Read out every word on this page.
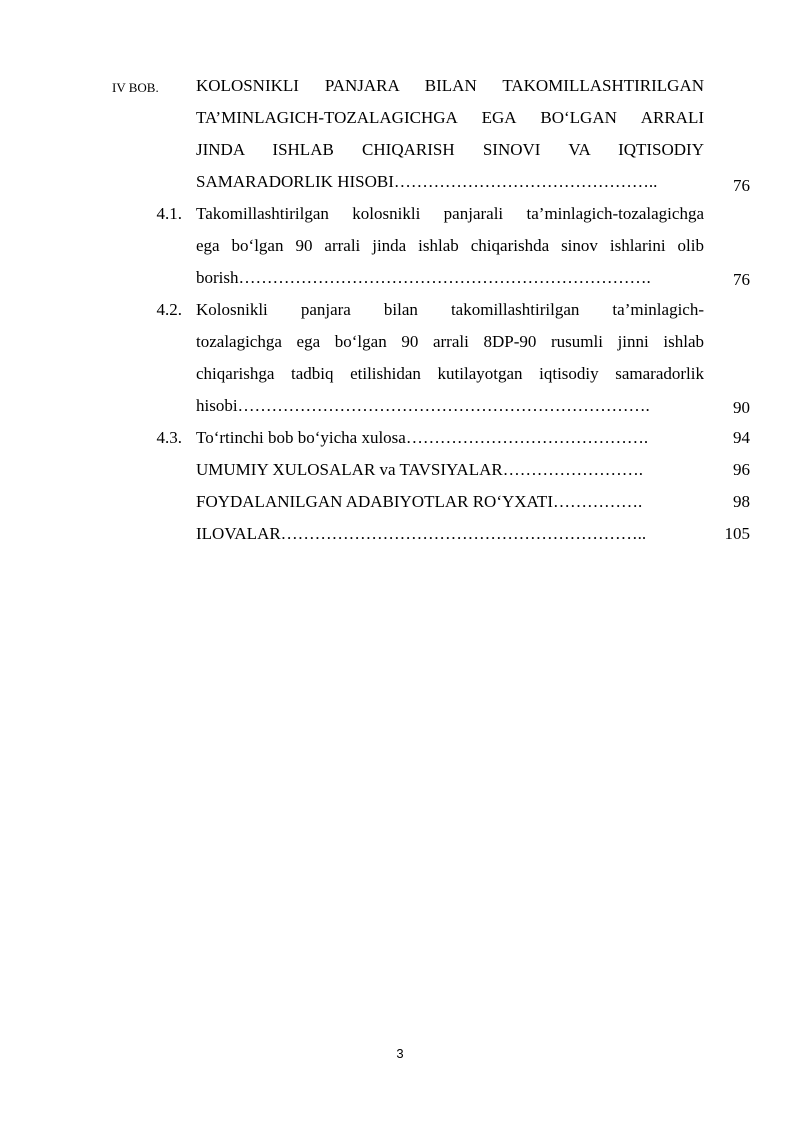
IV BOB.	KOLOSNIKLI PANJARA BILAN TAKOMILLASHTIRILGAN
TA’MINLAGICH-TOZALAGICHGA EGA BO‘LGAN ARRALI
JINDA ISHLAB CHIQARISH SINOVI VA IQTISODIY
SAMARADORLIK HISOBI………………………………………..	76
4.1. Takomillashtirilgan kolosnikli panjarali ta’minlagich-tozalagichga
ega bo‘lgan 90 arrali jinda ishlab chiqarishda sinov ishlarini olib
borish……………………………………………………………….	76
4.2. Kolosnikli panjara bilan takomillashtirilgan ta’minlagich-
tozalagichga ega bo‘lgan 90 arrali 8DP-90 rusumli jinni ishlab
chiqarishga tadbiq etilishidan kutilayotgan iqtisodiy samaradorlik
hisobi……………………………………………………………….	90
4.3. To‘rtinchi bob bo‘yicha xulosa…………………………………….	94
UMUMIY XULOSALAR va TAVSIYALAR…………………….	96
FOYDALANILGAN ADABIYOTLAR RO‘YXATI…………….	98
ILOVALAR………………………………………………………..	105
3
